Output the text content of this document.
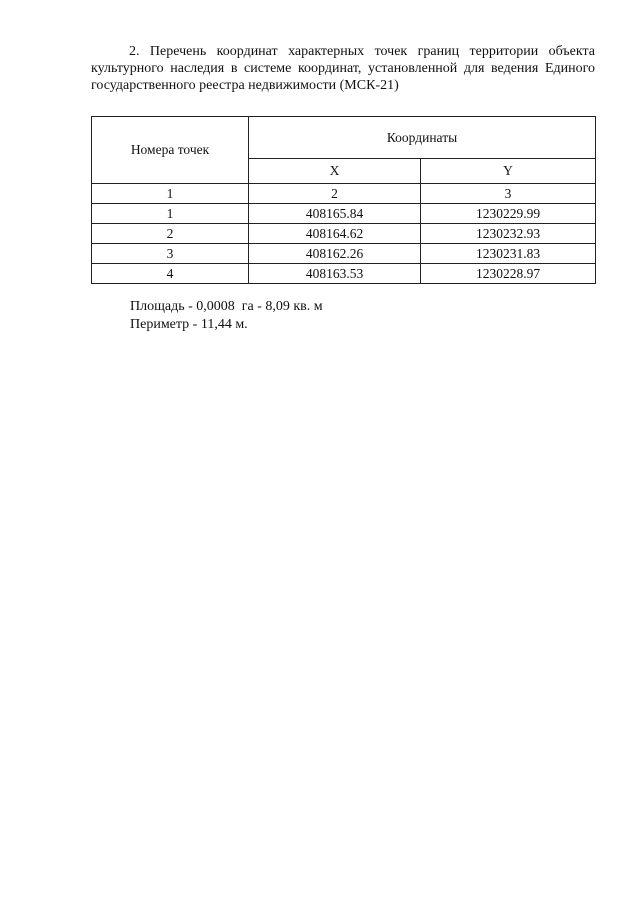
2. Перечень координат характерных точек границ территории объекта культурного наследия в системе координат, установленной для ведения Единого государственного реестра недвижимости (МСК-21)

Номера точек	Координаты	
	X	Y
1	2	3
1	408165.84	1230229.99
2	408164.62	1230232.93
3	408162.26	1230231.83
4	408163.53	1230228.97

Площадь - 0,0008  га - 8,09 кв. м

Периметр - 11,44 м.
